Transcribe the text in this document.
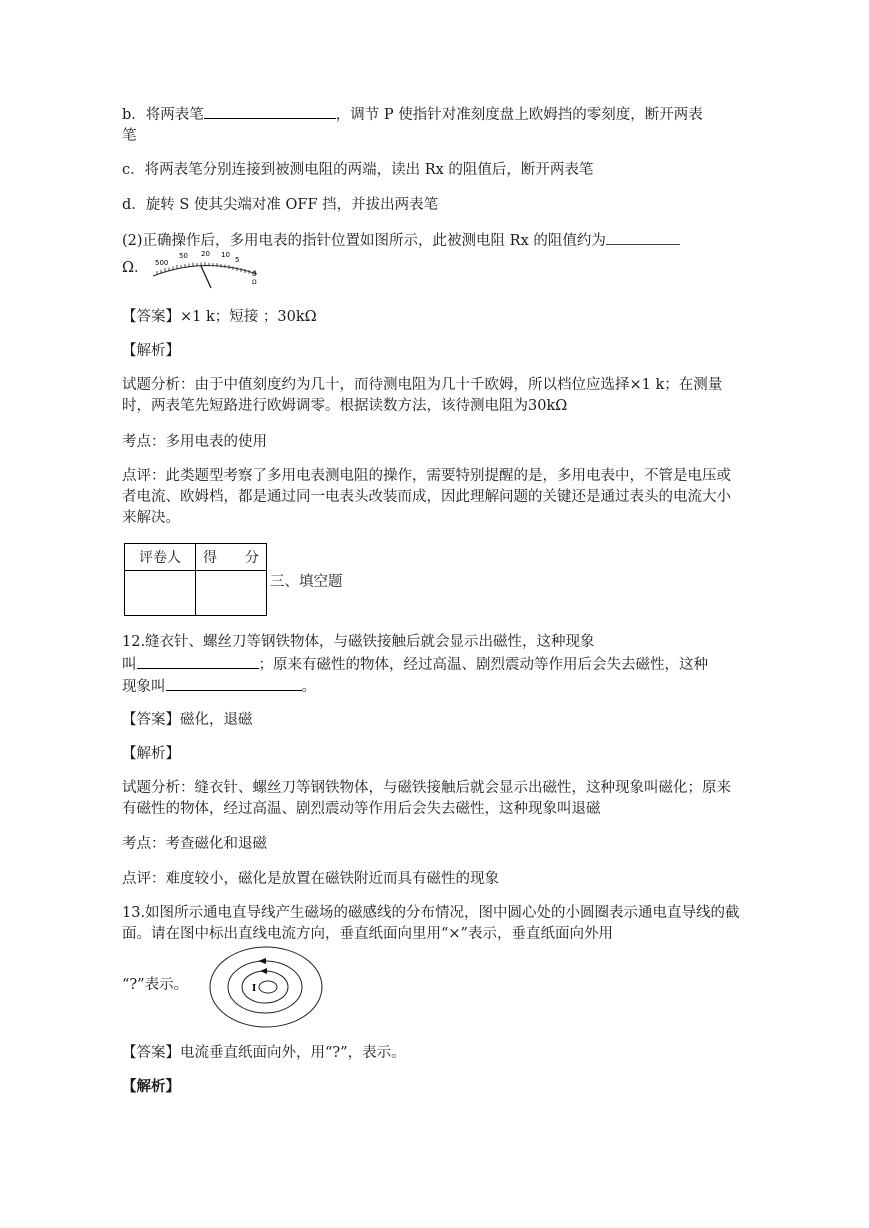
b．将两表笔	，调节 P 使指针对准刻度盘上欧姆挡的零刻度，断开两表
笔
c．将两表笔分别连接到被测电阻的两端，读出 Rx 的阻值后，断开两表笔
d．旋转 S 使其尖端对准 OFF 挡，并拔出两表笔
(2)正确操作后，多用电表的指针位置如图所示，此被测电阻 Rx 的阻值约为
Ω． 500
50 20 10
5
0
Ω
【答案】×1 k；短接 ；30kΩ
【解析】
试题分析：由于中值刻度约为几十，而待测电阻为几十千欧姆，所以档位应选择×1 k；在测量时，两表笔先短路进行欧姆调零。根据读数方法，该待测电阻为30kΩ
考点：多用电表的使用
点评：此类题型考察了多用电表测电阻的操作，需要特别提醒的是，多用电表中，不管是电压或者电流、欧姆档，都是通过同一电表头改装而成，因此理解问题的关键还是通过表头的电流大小来解决。
评卷人	得　　分

三、填空题
12.缝衣针、螺丝刀等钢铁物体，与磁铁接触后就会显示出磁性，这种现象
叫	；原来有磁性的物体，经过高温、剧烈震动等作用后会失去磁性，这种
现象叫	。
【答案】磁化，退磁
【解析】
试题分析：缝衣针、螺丝刀等钢铁物体，与磁铁接触后就会显示出磁性，这种现象叫磁化；原来有磁性的物体，经过高温、剧烈震动等作用后会失去磁性，这种现象叫退磁
考点：考查磁化和退磁
点评：难度较小，磁化是放置在磁铁附近而具有磁性的现象
13.如图所示通电直导线产生磁场的磁感线的分布情况，图中圆心处的小圆圈表示通电直导线的截面。请在图中标出直线电流方向，垂直纸面向里用“×”表示，垂直纸面向外用
“?”表示。	I
【答案】电流垂直纸面向外，用“?”，表示。
【解析】
